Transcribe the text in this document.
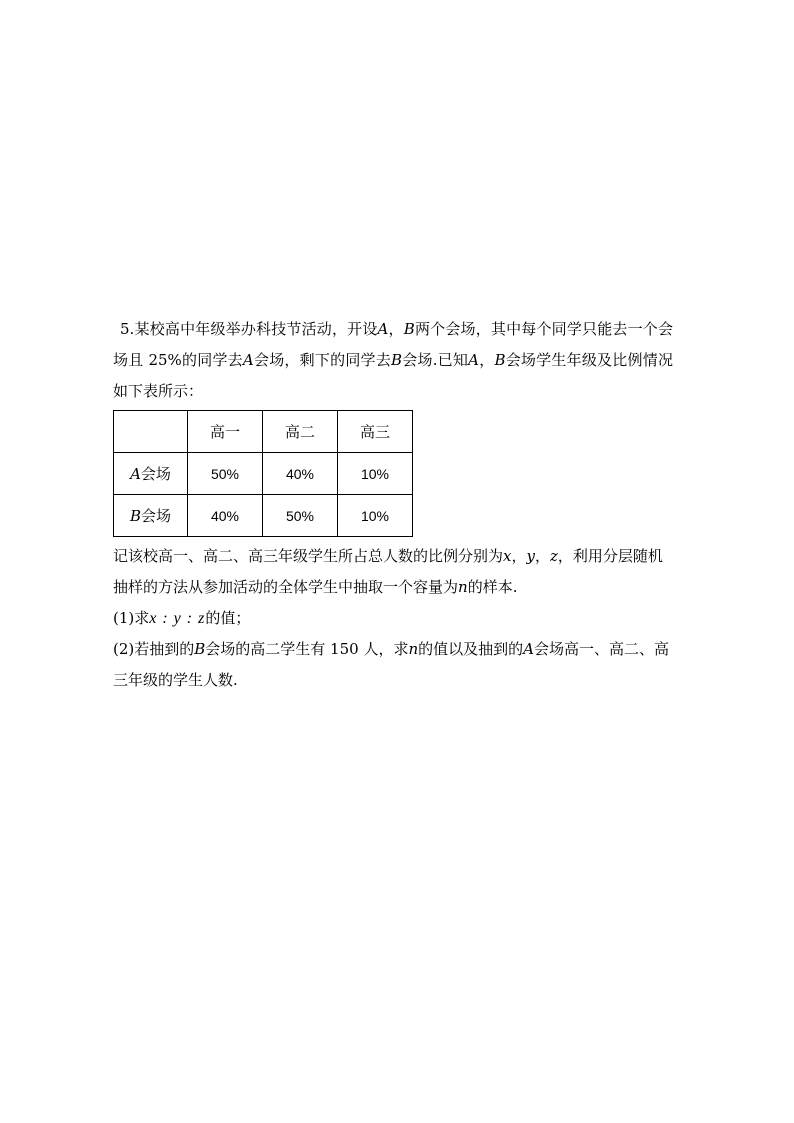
5.某校高中年级举办科技节活动，开设A，B两个会场，其中每个同学只能去一个会场且 25%的同学去A会场，剩下的同学去B会场.已知A，B会场学生年级及比例情况如下表所示：

	高一	高二	高三
A会场	50%	40%	10%
B会场	40%	50%	10%

记该校高一、高二、高三年级学生所占总人数的比例分别为x，y，z，利用分层随机抽样的方法从参加活动的全体学生中抽取一个容量为n的样本.

(1)求x : y : z的值；

(2)若抽到的B会场的高二学生有 150 人，求n的值以及抽到的A会场高一、高二、高三年级的学生人数.
